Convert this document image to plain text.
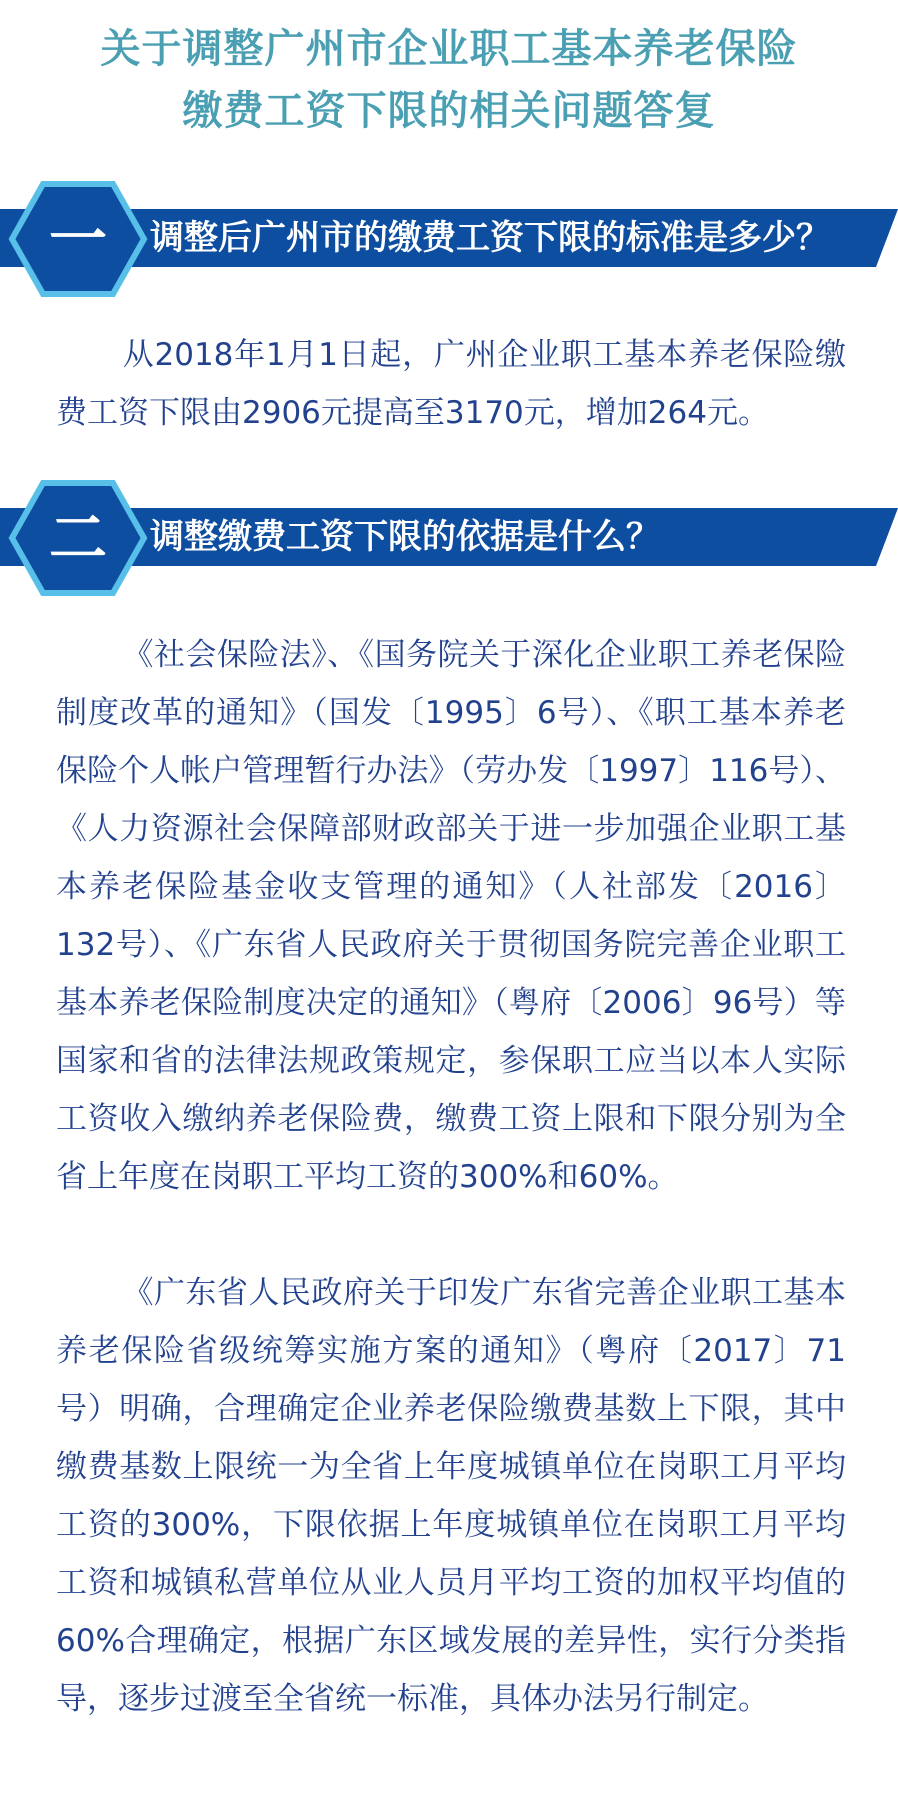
关于调整广州市企业职工基本养老保险
缴费工资下限的相关问题答复
一	调整后广州市的缴费工资下限的标准是多少？
从2018年1月1日起，广州企业职工基本养老保险缴费工资下限由2906元提高至3170元，增加264元。
二	调整缴费工资下限的依据是什么？
《社会保险法》、《国务院关于深化企业职工养老保险制度改革的通知》（国发〔1995〕6号）、《职工基本养老保险个人帐户管理暂行办法》（劳办发〔1997〕116号）、《人力资源社会保障部财政部关于进一步加强企业职工基本养老保险基金收支管理的通知》（人社部发〔2016〕132号）、《广东省人民政府关于贯彻国务院完善企业职工基本养老保险制度决定的通知》（粤府〔2006〕96号）等国家和省的法律法规政策规定，参保职工应当以本人实际工资收入缴纳养老保险费，缴费工资上限和下限分别为全省上年度在岗职工平均工资的300%和60%。
《广东省人民政府关于印发广东省完善企业职工基本养老保险省级统筹实施方案的通知》（粤府〔2017〕71号）明确，合理确定企业养老保险缴费基数上下限，其中缴费基数上限统一为全省上年度城镇单位在岗职工月平均工资的300%，下限依据上年度城镇单位在岗职工月平均工资和城镇私营单位从业人员月平均工资的加权平均值的60%合理确定，根据广东区域发展的差异性，实行分类指导，逐步过渡至全省统一标准，具体办法另行制定。
